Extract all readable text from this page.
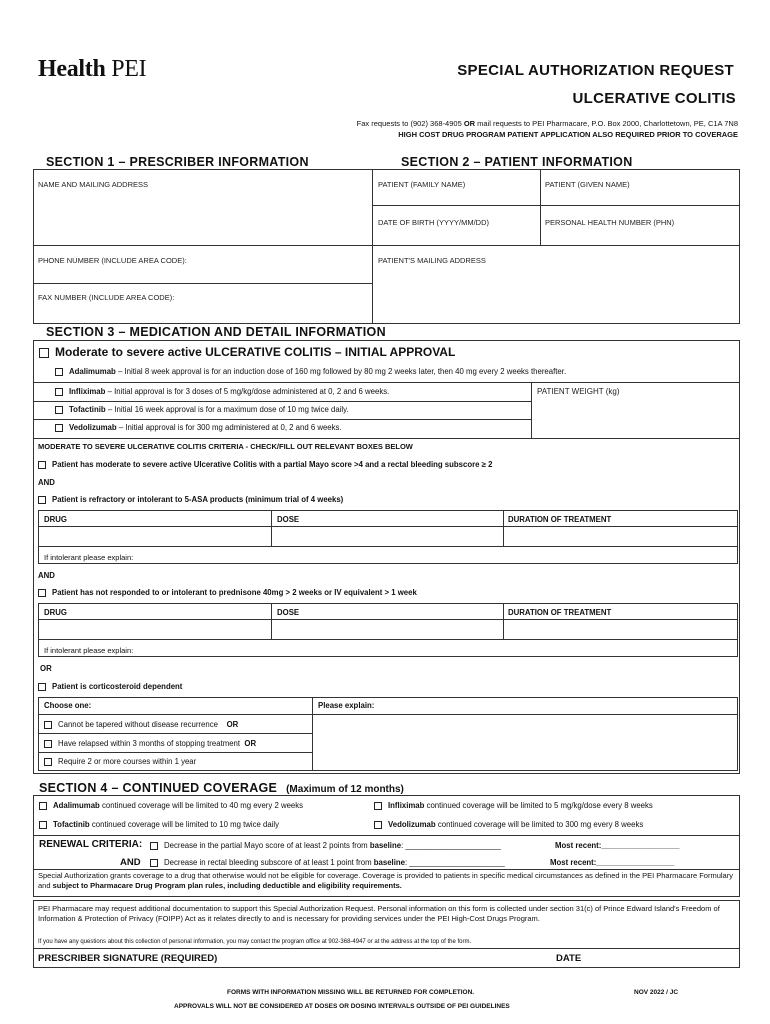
Health PEI	SPECIAL AUTHORIZATION REQUEST
ULCERATIVE COLITIS
Fax requests to (902) 368-4905 OR mail requests to PEI Pharmacare, P.O. Box 2000, Charlottetown, PE, C1A 7N8
HIGH COST DRUG PROGRAM PATIENT APPLICATION ALSO REQUIRED PRIOR TO COVERAGE
SECTION 1 – PRESCRIBER INFORMATION	SECTION 2 – PATIENT INFORMATION
NAME AND MAILING ADDRESS
PHONE NUMBER (INCLUDE AREA CODE):
FAX NUMBER (INCLUDE AREA CODE):
PATIENT (FAMILY NAME)	PATIENT (GIVEN NAME)
DATE OF BIRTH (YYYY/MM/DD)	PERSONAL HEALTH NUMBER (PHN)
PATIENT'S MAILING ADDRESS
SECTION 3 – MEDICATION AND DETAIL INFORMATION
Moderate to severe active ULCERATIVE COLITIS – INITIAL APPROVAL
Adalimumab – Initial 8 week approval is for an induction dose of 160 mg followed by 80 mg 2 weeks later, then 40 mg every 2 weeks thereafter.
Infliximab – Initial approval is for 3 doses of 5 mg/kg/dose administered at 0, 2 and 6 weeks.	PATIENT WEIGHT (kg)
Tofactinib – Initial 16 week approval is for a maximum dose of 10 mg twice daily.
Vedolizumab – Initial approval is for 300 mg administered at 0, 2 and 6 weeks.
MODERATE TO SEVERE ULCERATIVE COLITIS CRITERIA - CHECK/FILL OUT RELEVANT BOXES BELOW
Patient has moderate to severe active Ulcerative Colitis with a partial Mayo score >4 and a rectal bleeding subscore ≥ 2
AND
Patient is refractory or intolerant to 5-ASA products (minimum trial of 4 weeks)
DRUG	DOSE	DURATION OF TREATMENT
If intolerant please explain:
AND
Patient has not responded to or intolerant to prednisone 40mg > 2 weeks or IV equivalent > 1 week
DRUG	DOSE	DURATION OF TREATMENT
If intolerant please explain:
OR
Patient is corticosteroid dependent
Choose one:	Please explain:
Cannot be tapered without disease recurrence OR
Have relapsed within 3 months of stopping treatment OR
Require 2 or more courses within 1 year
SECTION 4 – CONTINUED COVERAGE (Maximum of 12 months)
Adalimumab continued coverage will be limited to 40 mg every 2 weeks	Infliximab continued coverage will be limited to 5 mg/kg/dose every 8 weeks
Tofactinib continued coverage will be limited to 10 mg twice daily	Vedolizumab continued coverage will be limited to 300 mg every 8 weeks
RENEWAL CRITERIA:	Decrease in the partial Mayo score of at least 2 points from baseline: ______________________	Most recent:__________________
AND	Decrease in rectal bleeding subscore of at least 1 point from baseline: ______________________	Most recent:__________________
Special Authorization grants coverage to a drug that otherwise would not be eligible for coverage. Coverage is provided to patients in specific medical circumstances as defined in the PEI Pharmacare Formulary and subject to Pharmacare Drug Program plan rules, including deductible and eligibility requirements.
PEI Pharmacare may request additional documentation to support this Special Authorization Request. Personal information on this form is collected under section 31(c) of Prince Edward Island's Freedom of Information & Protection of Privacy (FOIPP) Act as it relates directly to and is necessary for providing services under the PEI High-Cost Drugs Program.
If you have any questions about this collection of personal information, you may contact the program office at 902-368-4947 or at the address at the top of the form.
PRESCRIBER SIGNATURE (REQUIRED)	DATE
FORMS WITH INFORMATION MISSING WILL BE RETURNED FOR COMPLETION.	NOV 2022 / JC
APPROVALS WILL NOT BE CONSIDERED AT DOSES OR DOSING INTERVALS OUTSIDE OF PEI GUIDELINES
